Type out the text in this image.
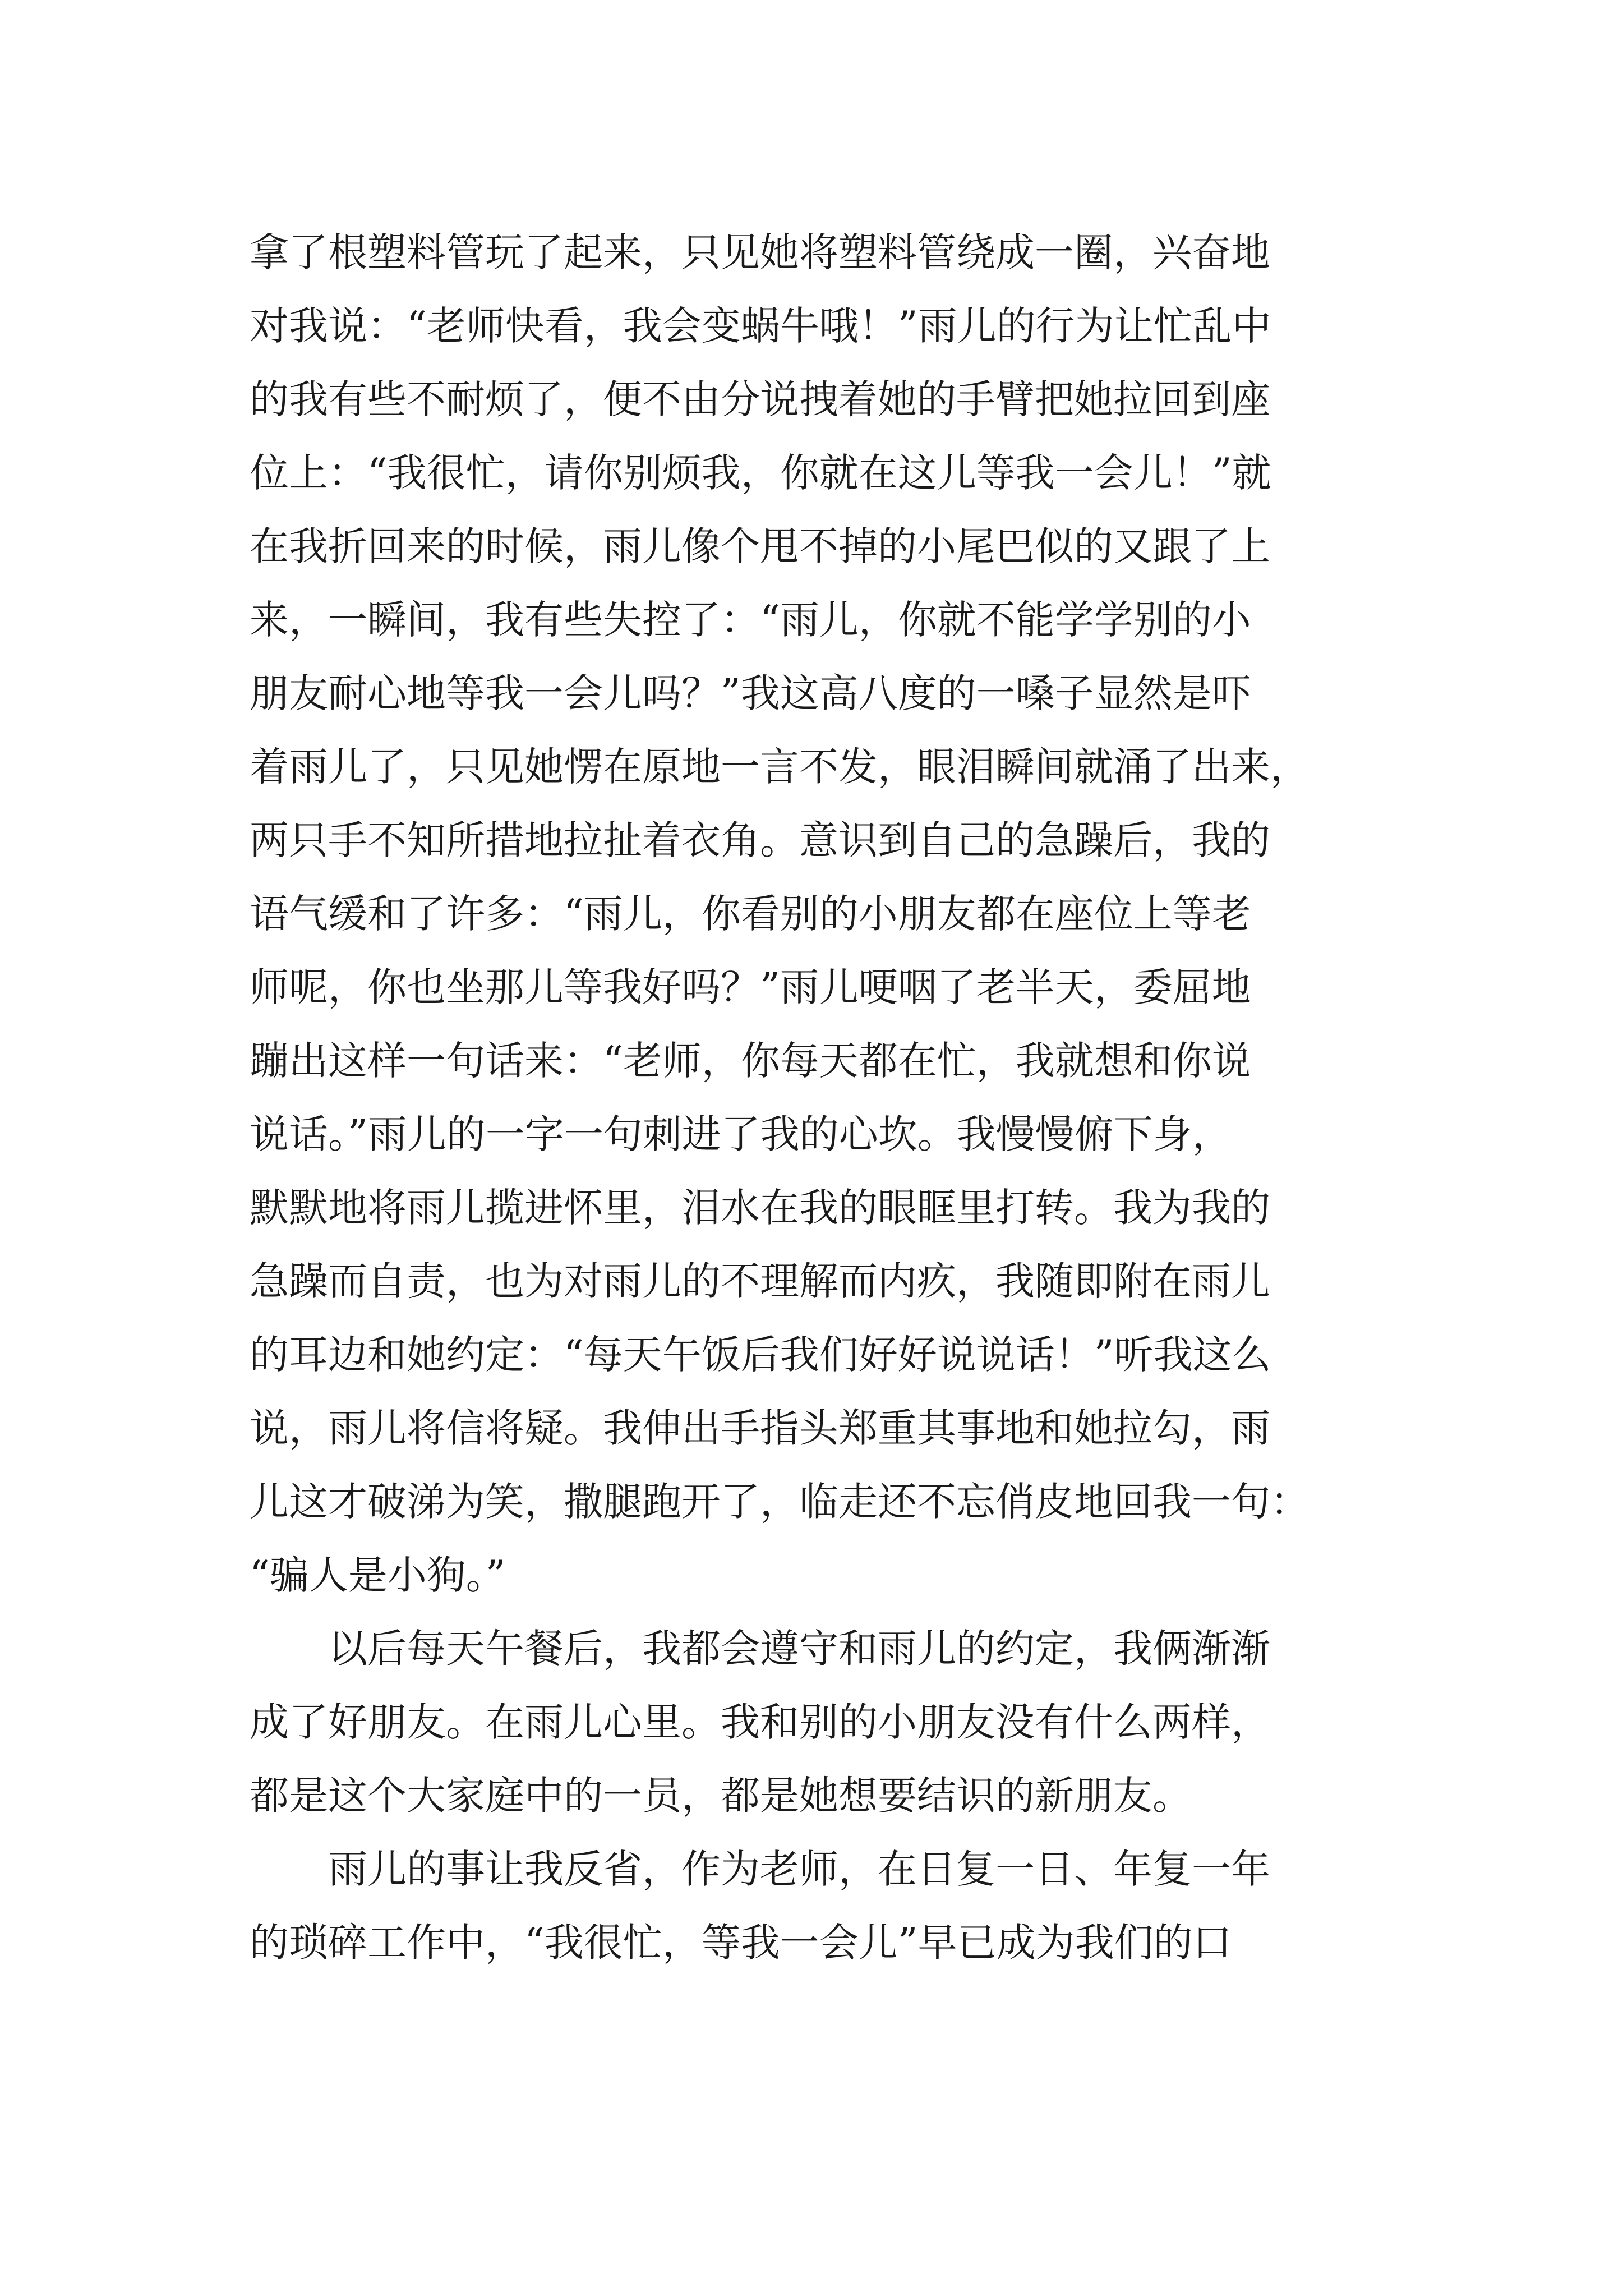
拿了根塑料管玩了起来，只见她将塑料管绕成一圈，兴奋地
对我说：“老师快看，我会变蜗牛哦！”雨儿的行为让忙乱中
的我有些不耐烦了，便不由分说拽着她的手臂把她拉回到座
位上：“我很忙，请你别烦我，你就在这儿等我一会儿！”就
在我折回来的时候，雨儿像个甩不掉的小尾巴似的又跟了上
来，一瞬间，我有些失控了：“雨儿，你就不能学学别的小
朋友耐心地等我一会儿吗？”我这高八度的一嗓子显然是吓
着雨儿了，只见她愣在原地一言不发，眼泪瞬间就涌了出来，
两只手不知所措地拉扯着衣角。意识到自己的急躁后，我的
语气缓和了许多：“雨儿，你看别的小朋友都在座位上等老
师呢，你也坐那儿等我好吗？”雨儿哽咽了老半天，委屈地
蹦出这样一句话来：“老师，你每天都在忙，我就想和你说
说话。”雨儿的一字一句刺进了我的心坎。我慢慢俯下身，
默默地将雨儿揽进怀里，泪水在我的眼眶里打转。我为我的
急躁而自责，也为对雨儿的不理解而内疚，我随即附在雨儿
的耳边和她约定：“每天午饭后我们好好说说话！”听我这么
说，雨儿将信将疑。我伸出手指头郑重其事地和她拉勾，雨
儿这才破涕为笑，撒腿跑开了，临走还不忘俏皮地回我一句：
“骗人是小狗。”
以后每天午餐后，我都会遵守和雨儿的约定，我俩渐渐
成了好朋友。在雨儿心里。我和别的小朋友没有什么两样，
都是这个大家庭中的一员，都是她想要结识的新朋友。
雨儿的事让我反省，作为老师，在日复一日、年复一年
的琐碎工作中，“我很忙，等我一会儿”早已成为我们的口
